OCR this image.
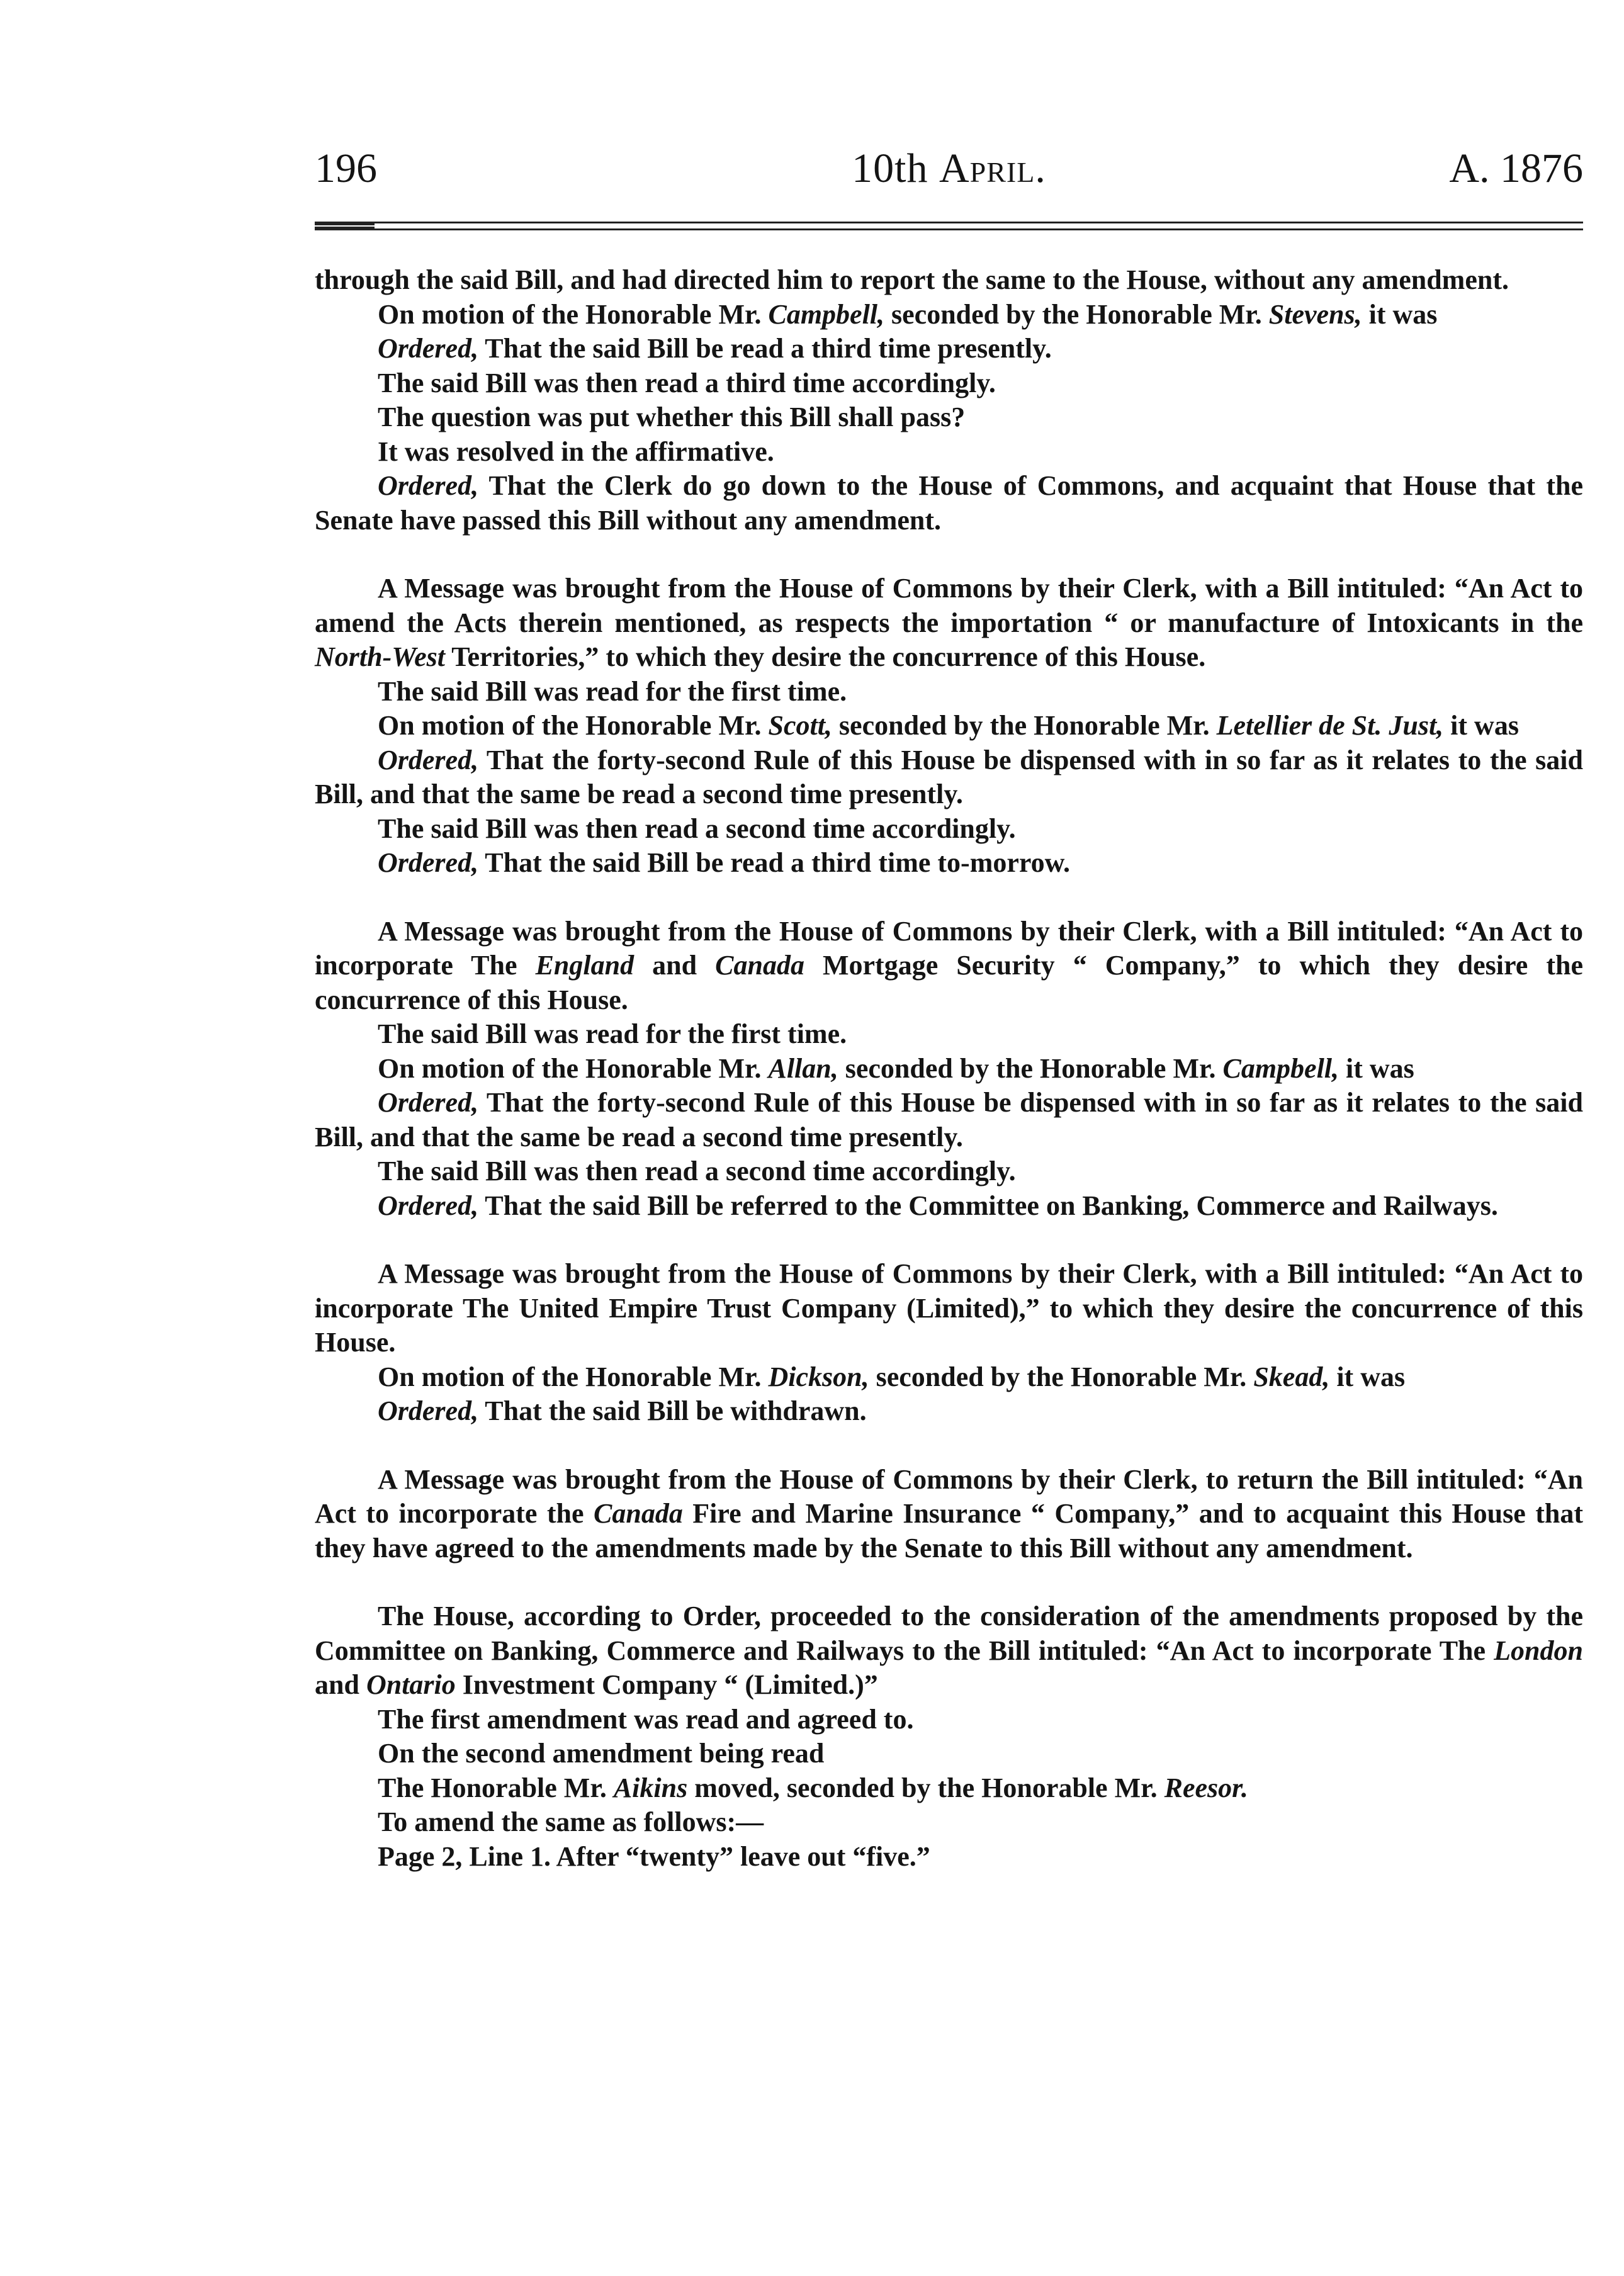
196	10th April.	A. 1876

through the said Bill, and had directed him to report the same to the House, without any amendment.

On motion of the Honorable Mr. Campbell, seconded by the Honorable Mr. Stevens, it was

Ordered, That the said Bill be read a third time presently.

The said Bill was then read a third time accordingly.

The question was put whether this Bill shall pass?

It was resolved in the affirmative.

Ordered, That the Clerk do go down to the House of Commons, and acquaint that House that the Senate have passed this Bill without any amendment.

A Message was brought from the House of Commons by their Clerk, with a Bill intituled: “An Act to amend the Acts therein mentioned, as respects the importation “ or manufacture of Intoxicants in the North-West Territories,” to which they desire the concurrence of this House.

The said Bill was read for the first time.

On motion of the Honorable Mr. Scott, seconded by the Honorable Mr. Letellier de St. Just, it was

Ordered, That the forty-second Rule of this House be dispensed with in so far as it relates to the said Bill, and that the same be read a second time presently.

The said Bill was then read a second time accordingly.

Ordered, That the said Bill be read a third time to-morrow.

A Message was brought from the House of Commons by their Clerk, with a Bill intituled: “An Act to incorporate The England and Canada Mortgage Security “ Company,” to which they desire the concurrence of this House.

The said Bill was read for the first time.

On motion of the Honorable Mr. Allan, seconded by the Honorable Mr. Campbell, it was

Ordered, That the forty-second Rule of this House be dispensed with in so far as it relates to the said Bill, and that the same be read a second time presently.

The said Bill was then read a second time accordingly.

Ordered, That the said Bill be referred to the Committee on Banking, Commerce and Railways.

A Message was brought from the House of Commons by their Clerk, with a Bill intituled: “An Act to incorporate The United Empire Trust Company (Limited),” to which they desire the concurrence of this House.

On motion of the Honorable Mr. Dickson, seconded by the Honorable Mr. Skead, it was

Ordered, That the said Bill be withdrawn.

A Message was brought from the House of Commons by their Clerk, to return the Bill intituled: “An Act to incorporate the Canada Fire and Marine Insurance “ Company,” and to acquaint this House that they have agreed to the amendments made by the Senate to this Bill without any amendment.

The House, according to Order, proceeded to the consideration of the amendments proposed by the Committee on Banking, Commerce and Railways to the Bill intituled: “An Act to incorporate The London and Ontario Investment Company “ (Limited.)”

The first amendment was read and agreed to.

On the second amendment being read

The Honorable Mr. Aikins moved, seconded by the Honorable Mr. Reesor.

To amend the same as follows:—

Page 2, Line 1. After “twenty” leave out “five.”
